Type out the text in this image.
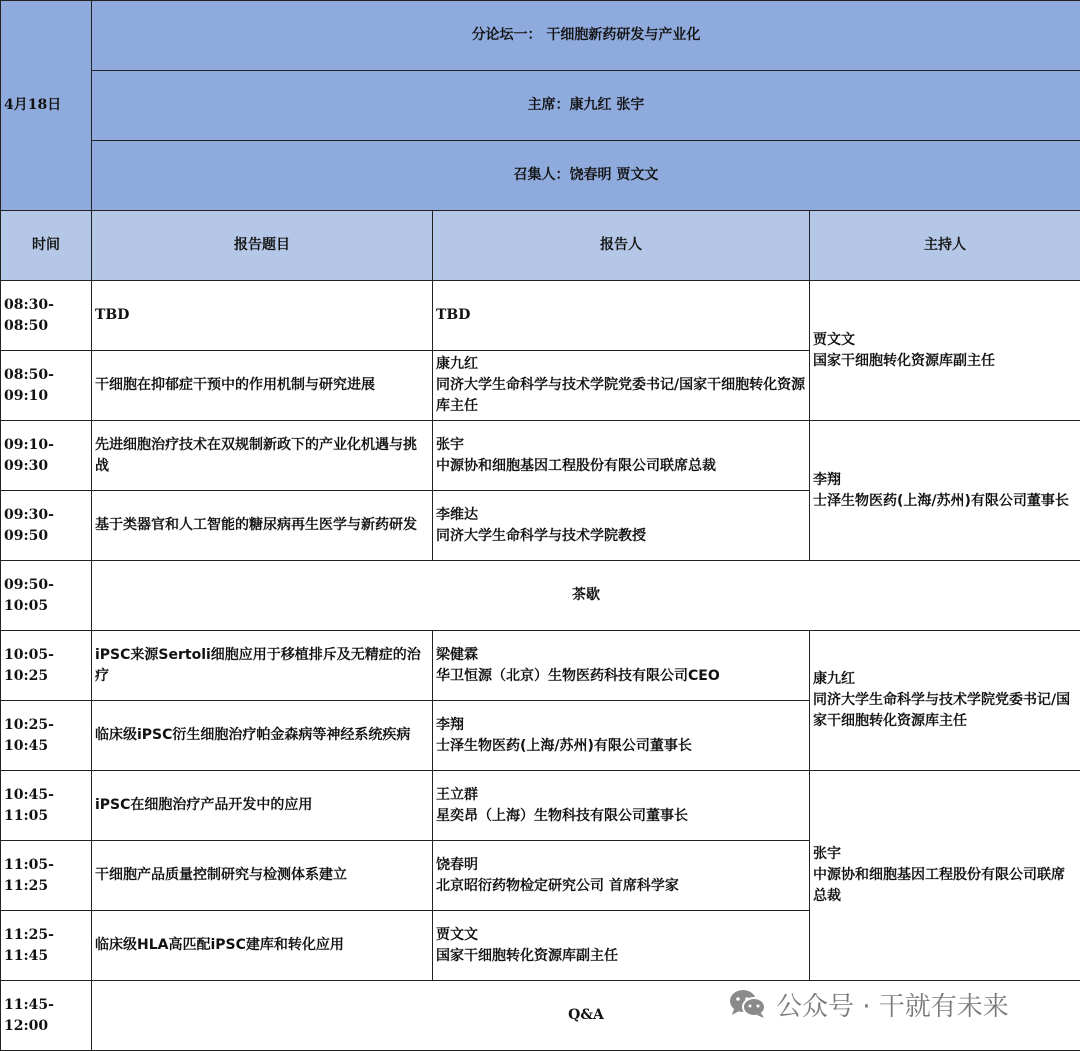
4月18日	分论坛一： 干细胞新药研发与产业化		
	主席：康九红 张宇		
	召集人：饶春明 贾文文		
时间	报告题目	报告人	主持人
08:30-08:50	TBD	TBD	贾文文
国家干细胞转化资源库副主任

08:50-09:10	干细胞在抑郁症干预中的作用机制与研究进展	康九红
同济大学生命科学与技术学院党委书记/国家干细胞转化资源库主任	

09:10-09:30	先进细胞治疗技术在双规制新政下的产业化机遇与挑战	张宇
中源协和细胞基因工程股份有限公司联席总裁	李翔
士泽生物医药(上海/苏州)有限公司董事长

09:30-09:50	基于类器官和人工智能的糖尿病再生医学与新药研发	李维达
同济大学生命科学与技术学院教授	

09:50-10:05	茶歇		
10:05-10:25	iPSC来源Sertoli细胞应用于移植排斥及无精症的治疗	梁健霖
华卫恒源（北京）生物医药科技有限公司CEO	康九红
同济大学生命科学与技术学院党委书记/国家干细胞转化资源库主任

10:25-10:45	临床级iPSC衍生细胞治疗帕金森病等神经系统疾病	李翔
士泽生物医药(上海/苏州)有限公司董事长	

10:45-11:05	iPSC在细胞治疗产品开发中的应用	王立群
星奕昂（上海）生物科技有限公司董事长	张宇
中源协和细胞基因工程股份有限公司联席总裁

11:05-11:25	干细胞产品质量控制研究与检测体系建立	饶春明
北京昭衍药物检定研究公司 首席科学家	

11:25-11:45	临床级HLA高匹配iPSC建库和转化应用	贾文文
国家干细胞转化资源库副主任	

11:45-12:00	Q&A			公众号 · 干就有未来
